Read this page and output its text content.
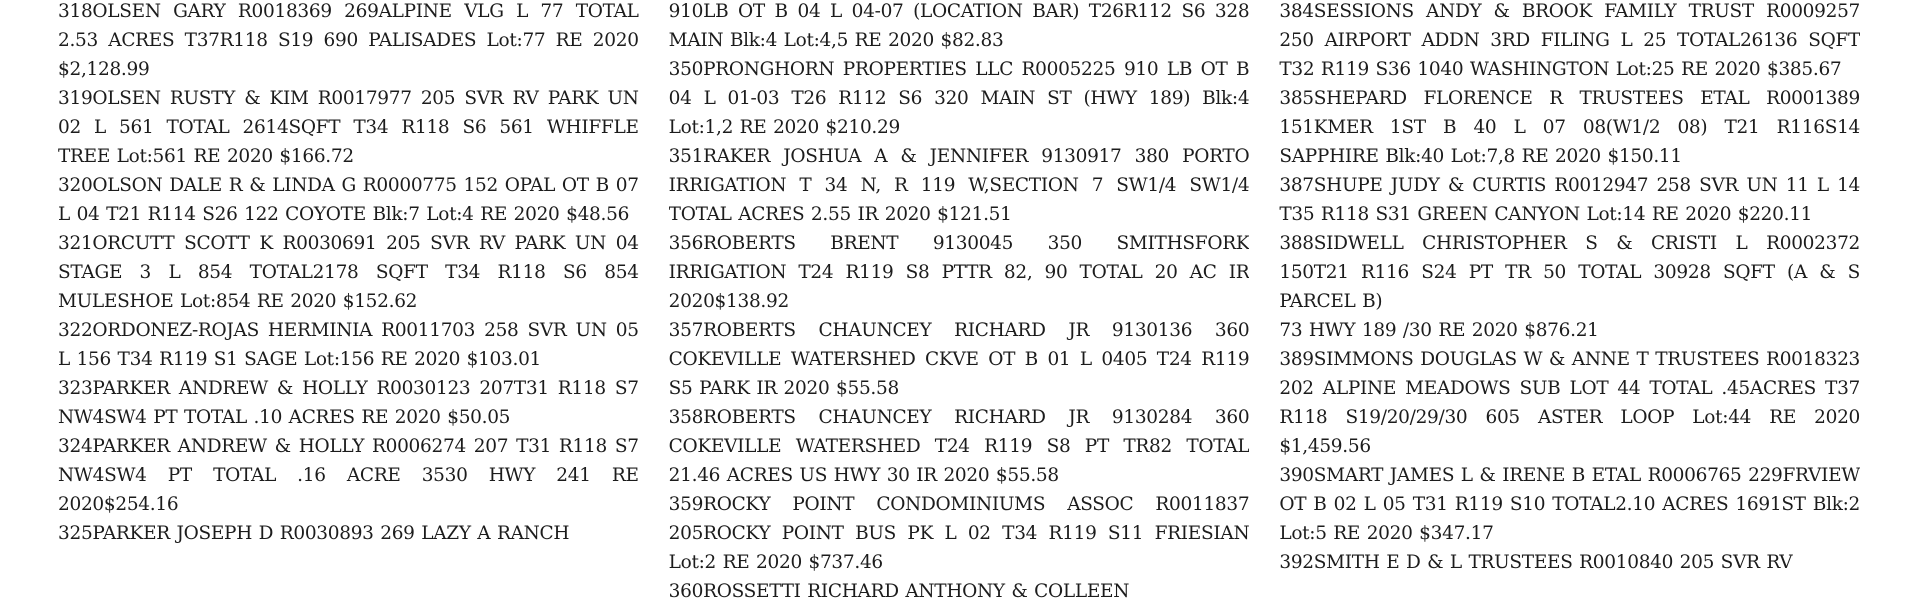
318OLSEN GARY R0018369 269ALPINE VLG L 77 TOTAL 2.53 ACRES T37R118 S19 690 PALISADES Lot:77 RE 2020 $2,128.99

319OLSEN RUSTY & KIM R0017977 205 SVR RV PARK UN 02 L 561 TOTAL 2614SQFT T34 R118 S6 561 WHIFFLE TREE Lot:561 RE 2020 $166.72

320OLSON DALE R & LINDA G R0000775 152 OPAL OT B 07 L 04 T21 R114 S26 122 COYOTE Blk:7 Lot:4 RE 2020 $48.56

321ORCUTT SCOTT K R0030691 205 SVR RV PARK UN 04 STAGE 3 L 854 TOTAL2178 SQFT T34 R118 S6 854 MULESHOE Lot:854 RE 2020 $152.62

322ORDONEZ-ROJAS HERMINIA R0011703 258 SVR UN 05 L 156 T34 R119 S1 SAGE Lot:156 RE 2020 $103.01

323PARKER ANDREW & HOLLY R0030123 207T31 R118 S7 NW4SW4 PT TOTAL .10 ACRES RE 2020 $50.05

324PARKER ANDREW & HOLLY R0006274 207 T31 R118 S7 NW4SW4 PT TOTAL .16 ACRE 3530 HWY 241 RE 2020$254.16

325PARKER JOSEPH D R0030893 269 LAZY A RANCH

910LB OT B 04 L 04-07 (LOCATION BAR) T26R112 S6 328 MAIN Blk:4 Lot:4,5 RE 2020 $82.83

350PRONGHORN PROPERTIES LLC R0005225 910 LB OT B 04 L 01-03 T26 R112 S6 320 MAIN ST (HWY 189) Blk:4 Lot:1,2 RE 2020 $210.29

351RAKER JOSHUA A & JENNIFER 9130917 380 PORTO IRRIGATION T 34 N, R 119 W,SECTION 7 SW1/4 SW1/4 TOTAL ACRES 2.55 IR 2020 $121.51

356ROBERTS BRENT 9130045 350 SMITHSFORK IRRIGATION T24 R119 S8 PTTR 82, 90 TOTAL 20 AC IR 2020$138.92

357ROBERTS CHAUNCEY RICHARD JR 9130136 360 COKEVILLE WATERSHED CKVE OT B 01 L 0405 T24 R119 S5 PARK IR 2020 $55.58

358ROBERTS CHAUNCEY RICHARD JR 9130284 360 COKEVILLE WATERSHED T24 R119 S8 PT TR82 TOTAL 21.46 ACRES US HWY 30 IR 2020 $55.58

359ROCKY POINT CONDOMINIUMS ASSOC R0011837 205ROCKY POINT BUS PK L 02 T34 R119 S11 FRIESIAN Lot:2 RE 2020 $737.46

360ROSSETTI RICHARD ANTHONY & COLLEEN

384SESSIONS ANDY & BROOK FAMILY TRUST R0009257 250 AIRPORT ADDN 3RD FILING L 25 TOTAL26136 SQFT T32 R119 S36 1040 WASHINGTON Lot:25 RE 2020 $385.67

385SHEPARD FLORENCE R TRUSTEES ETAL R0001389 151KMER 1ST B 40 L 07 08(W1/2 08) T21 R116S14 SAPPHIRE Blk:40 Lot:7,8 RE 2020 $150.11

387SHUPE JUDY & CURTIS R0012947 258 SVR UN 11 L 14 T35 R118 S31 GREEN CANYON Lot:14 RE 2020 $220.11

388SIDWELL CHRISTOPHER S & CRISTI L R0002372 150T21 R116 S24 PT TR 50 TOTAL 30928 SQFT (A & S PARCEL B)

73 HWY 189 /30 RE 2020 $876.21

389SIMMONS DOUGLAS W & ANNE T TRUSTEES R0018323 202 ALPINE MEADOWS SUB LOT 44 TOTAL .45ACRES T37 R118 S19/20/29/30 605 ASTER LOOP Lot:44 RE 2020 $1,459.56

390SMART JAMES L & IRENE B ETAL R0006765 229FRVIEW OT B 02 L 05 T31 R119 S10 TOTAL2.10 ACRES 1691ST Blk:2 Lot:5 RE 2020 $347.17

392SMITH E D & L TRUSTEES R0010840 205 SVR RV
